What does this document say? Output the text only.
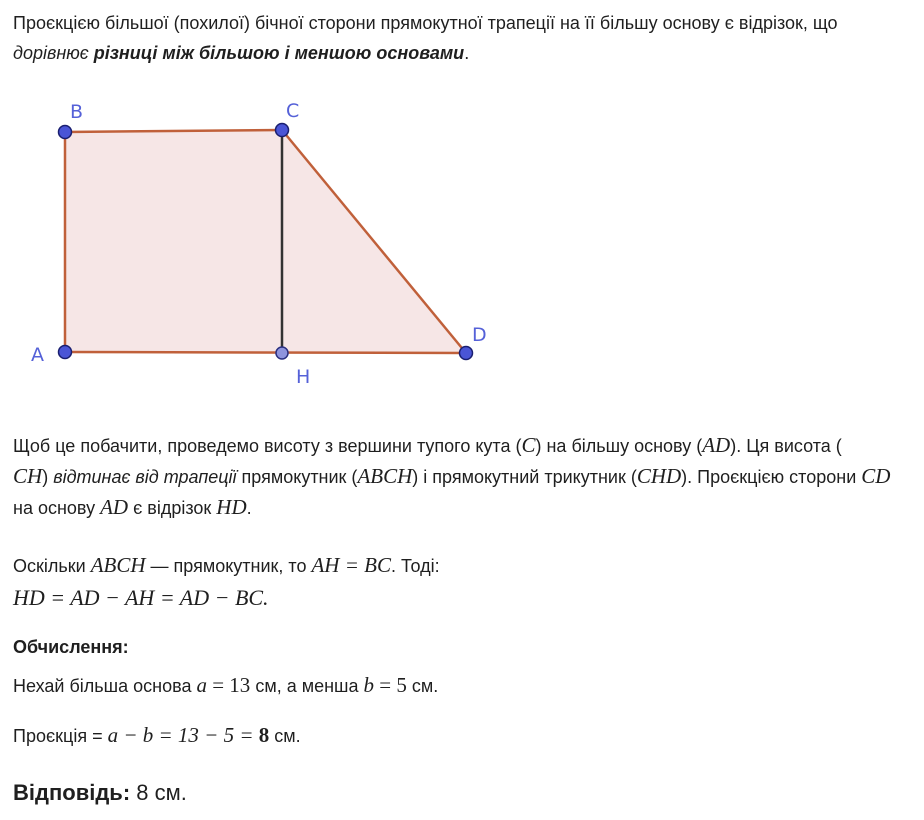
Проєкцією більшої (похилої) бічної сторони прямокутної трапеції на її більшу основу є відрізок, що
дорівнює різниці між більшою і меншою основами.
B	C
A
H
D
Щоб це побачити, проведемо висоту з вершини тупого кута (C) на більшу основу (AD). Ця висота (
CH) відтинає від трапеції прямокутник (ABCH) і прямокутний трикутник (CHD). Проєкцією сторони CD на основу AD є відрізок HD.
Оскільки ABCH — прямокутник, то AH = BC. Тоді:
HD = AD − AH = AD − BC.
Обчислення:
Нехай більша основа a = 13 см, а менша b = 5 см.
Проєкція = a − b = 13 − 5 = 8 см.
Відповідь: 8 см.
